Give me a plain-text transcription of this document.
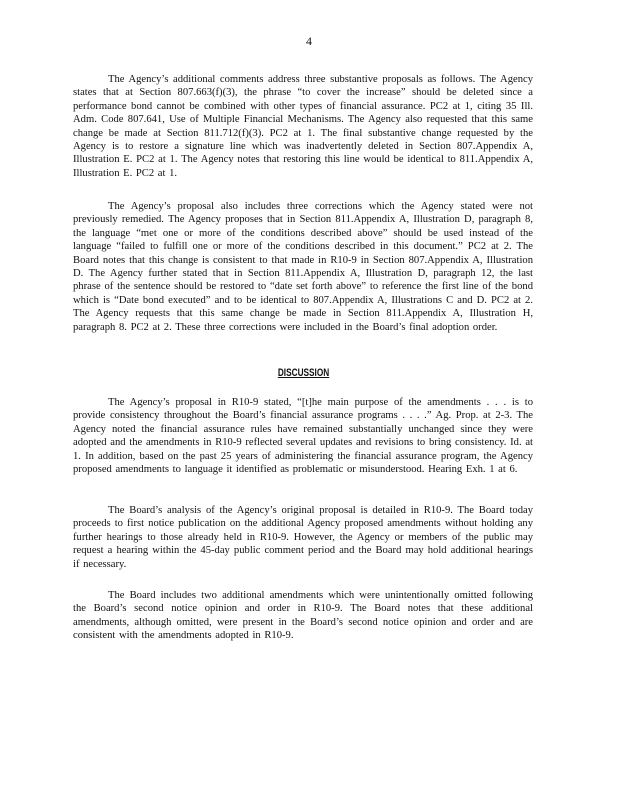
4
The Agency’s additional comments address three substantive proposals as follows. The Agency states that at Section 807.663(f)(3), the phrase “to cover the increase” should be deleted since a performance bond cannot be combined with other types of financial assurance. PC2 at 1, citing 35 Ill. Adm. Code 807.641, Use of Multiple Financial Mechanisms. The Agency also requested that this same change be made at Section 811.712(f)(3). PC2 at 1. The final substantive change requested by the Agency is to restore a signature line which was inadvertently deleted in Section 807.Appendix A, Illustration E. PC2 at 1. The Agency notes that restoring this line would be identical to 811.Appendix A, Illustration E. PC2 at 1.
The Agency’s proposal also includes three corrections which the Agency stated were not previously remedied. The Agency proposes that in Section 811.Appendix A, Illustration D, paragraph 8, the language “met one or more of the conditions described above” should be used instead of the language “failed to fulfill one or more of the conditions described in this document.” PC2 at 2. The Board notes that this change is consistent to that made in R10-9 in Section 807.Appendix A, Illustration D. The Agency further stated that in Section 811.Appendix A, Illustration D, paragraph 12, the last phrase of the sentence should be restored to “date set forth above” to reference the first line of the bond which is “Date bond executed” and to be identical to 807.Appendix A, Illustrations C and D. PC2 at 2. The Agency requests that this same change be made in Section 811.Appendix A, Illustration H, paragraph 8. PC2 at 2. These three corrections were included in the Board’s final adoption order.
DISCUSSION
The Agency’s proposal in R10-9 stated, “[t]he main purpose of the amendments . . . is to provide consistency throughout the Board’s financial assurance programs . . . .” Ag. Prop. at 2-3. The Agency noted the financial assurance rules have remained substantially unchanged since they were adopted and the amendments in R10-9 reflected several updates and revisions to bring consistency. Id. at 1. In addition, based on the past 25 years of administering the financial assurance program, the Agency proposed amendments to language it identified as problematic or misunderstood. Hearing Exh. 1 at 6.
The Board’s analysis of the Agency’s original proposal is detailed in R10-9. The Board today proceeds to first notice publication on the additional Agency proposed amendments without holding any further hearings to those already held in R10-9. However, the Agency or members of the public may request a hearing within the 45-day public comment period and the Board may hold additional hearings if necessary.
The Board includes two additional amendments which were unintentionally omitted following the Board’s second notice opinion and order in R10-9. The Board notes that these additional amendments, although omitted, were present in the Board’s second notice opinion and order and are consistent with the amendments adopted in R10-9.
